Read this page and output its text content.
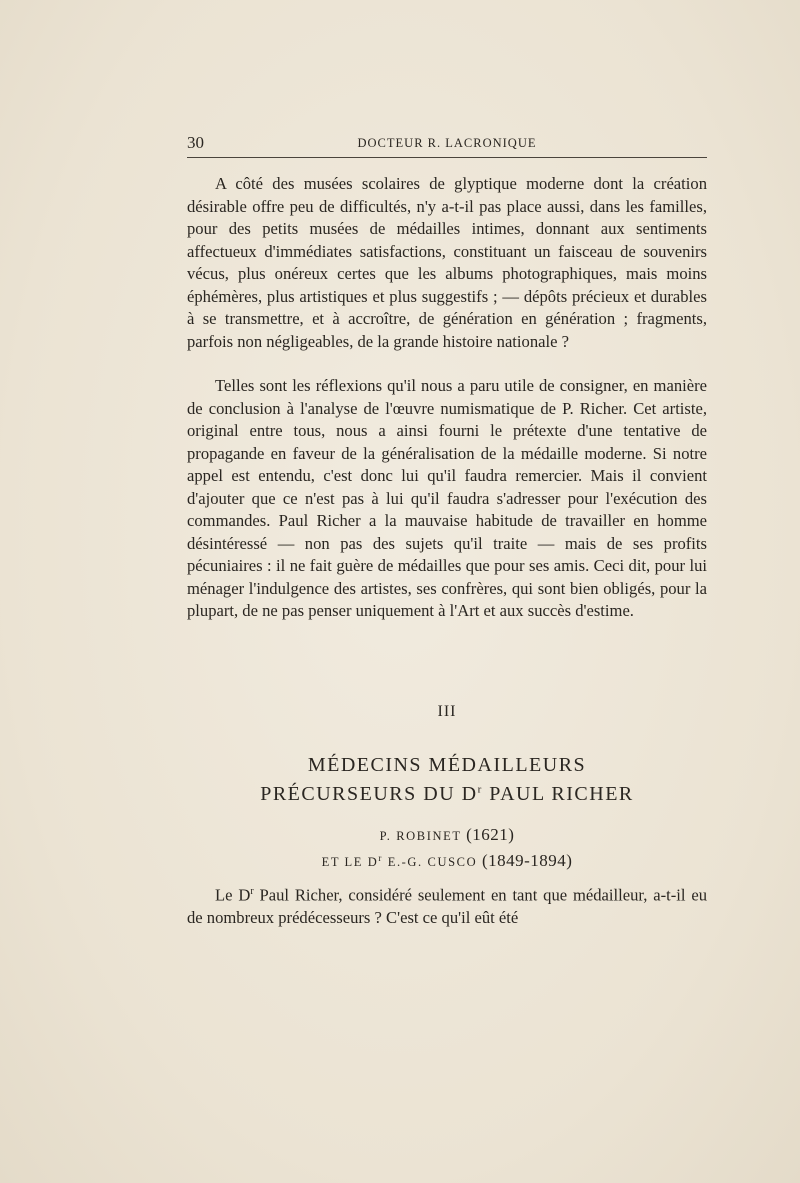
30	DOCTEUR R. LACRONIQUE

A côté des musées scolaires de glyptique moderne dont la création désirable offre peu de difficultés, n'y a-t-il pas place aussi, dans les familles, pour des petits musées de médailles intimes, donnant aux sentiments affectueux d'immédiates satisfactions, constituant un faisceau de souvenirs vécus, plus onéreux certes que les albums photographiques, mais moins éphémères, plus artistiques et plus suggestifs ; — dépôts précieux et durables à se transmettre, et à accroître, de génération en génération ; fragments, parfois non négligeables, de la grande histoire nationale ?

Telles sont les réflexions qu'il nous a paru utile de consigner, en manière de conclusion à l'analyse de l'œuvre numismatique de P. Richer. Cet artiste, original entre tous, nous a ainsi fourni le prétexte d'une tentative de propagande en faveur de la généralisation de la médaille moderne. Si notre appel est entendu, c'est donc lui qu'il faudra remercier. Mais il convient d'ajouter que ce n'est pas à lui qu'il faudra s'adresser pour l'exécution des commandes. Paul Richer a la mauvaise habitude de travailler en homme désintéressé — non pas des sujets qu'il traite — mais de ses profits pécuniaires : il ne fait guère de médailles que pour ses amis. Ceci dit, pour lui ménager l'indulgence des artistes, ses confrères, qui sont bien obligés, pour la plupart, de ne pas penser uniquement à l'Art et aux succès d'estime.

III
MÉDECINS MÉDAILLEURS
PRÉCURSEURS DU $D^r$ PAUL RICHER
P. ROBINET (1621)
ET LE $D^r$ E.-G. CUSCO (1849-1894)

Le $D^r$ Paul Richer, considéré seulement en tant que médailleur, a-t-il eu de nombreux prédécesseurs ? C'est ce qu'il eût été
